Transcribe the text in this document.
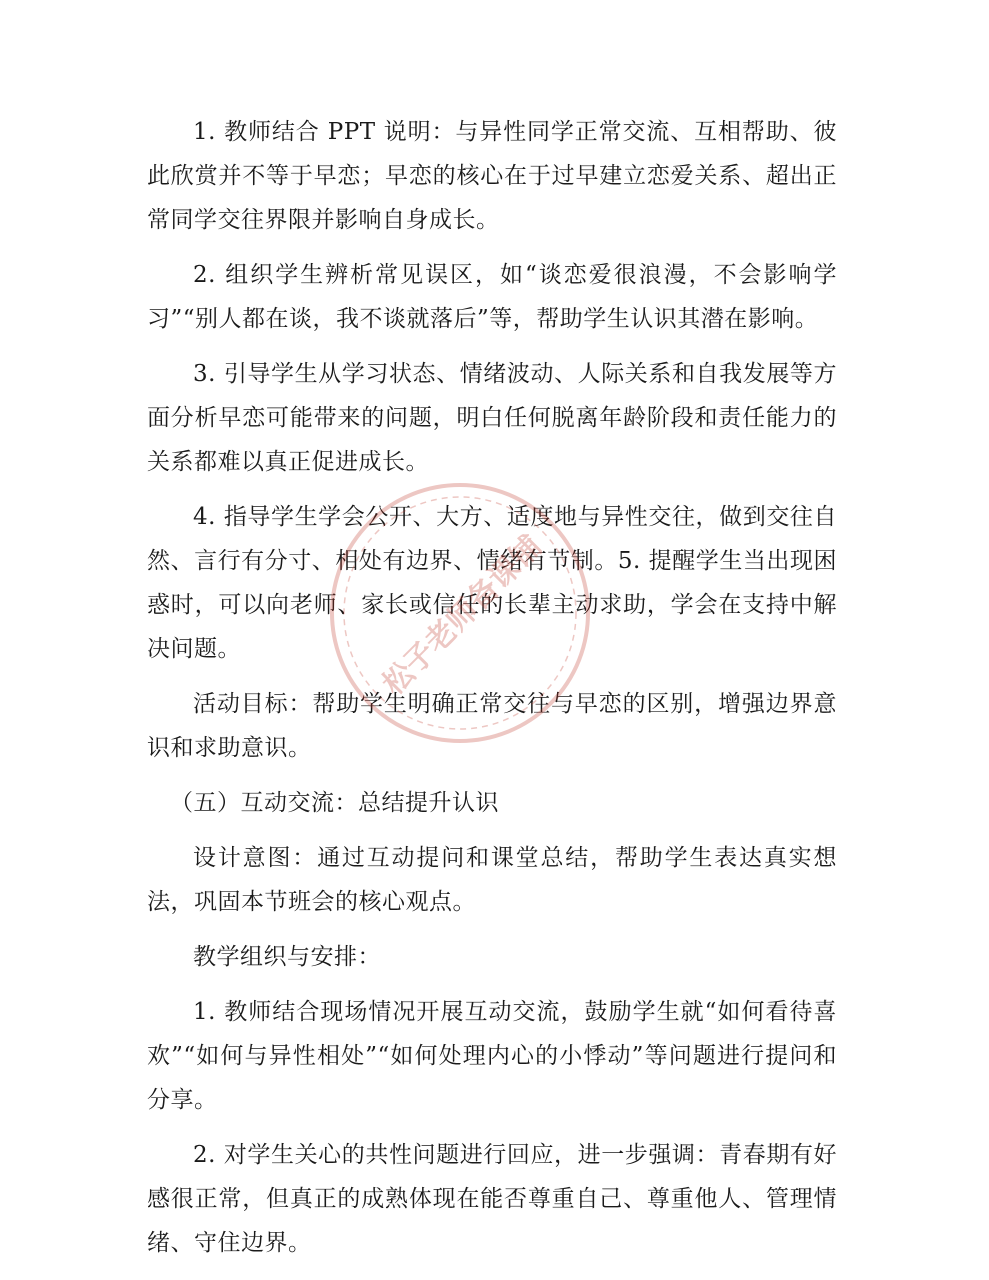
1. 教师结合 PPT 说明：与异性同学正常交流、互相帮助、彼此欣赏并不等于早恋；早恋的核心在于过早建立恋爱关系、超出正常同学交往界限并影响自身成长。

2. 组织学生辨析常见误区，如“谈恋爱很浪漫，不会影响学习”“别人都在谈，我不谈就落后”等，帮助学生认识其潜在影响。

3. 引导学生从学习状态、情绪波动、人际关系和自我发展等方面分析早恋可能带来的问题，明白任何脱离年龄阶段和责任能力的关系都难以真正促进成长。

4. 指导学生学会公开、大方、适度地与异性交往，做到交往自然、言行有分寸、相处有边界、情绪有节制。5. 提醒学生当出现困惑时，可以向老师、家长或信任的长辈主动求助，学会在支持中解决问题。

活动目标：帮助学生明确正常交往与早恋的区别，增强边界意识和求助意识。

（五）互动交流：总结提升认识

设计意图：通过互动提问和课堂总结，帮助学生表达真实想法，巩固本节班会的核心观点。

教学组织与安排：

1. 教师结合现场情况开展互动交流，鼓励学生就“如何看待喜欢”“如何与异性相处”“如何处理内心的小悸动”等问题进行提问和分享。

2. 对学生关心的共性问题进行回应，进一步强调：青春期有好感很正常，但真正的成熟体现在能否尊重自己、尊重他人、管理情绪、守住边界。

松子老师备课铺
